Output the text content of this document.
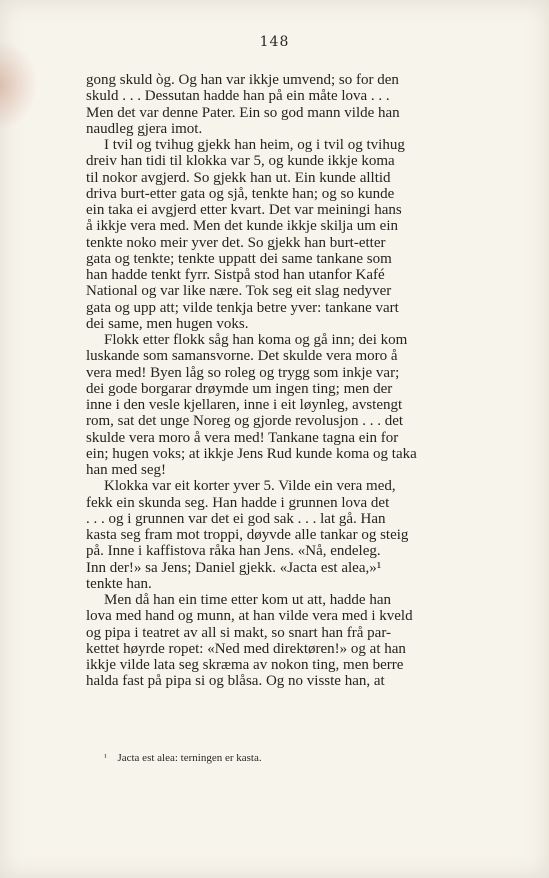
148

gong skuld òg. Og han var ikkje umvend; so for den
skuld . . . Dessutan hadde han på ein måte lova . . .
Men det var denne Pater. Ein so god mann vilde han
naudleg gjera imot.

I tvil og tvihug gjekk han heim, og i tvil og tvihug
dreiv han tidi til klokka var 5, og kunde ikkje koma
til nokor avgjerd. So gjekk han ut. Ein kunde alltid
driva burt-etter gata og sjå, tenkte han; og so kunde
ein taka ei avgjerd etter kvart. Det var meiningi hans
å ikkje vera med. Men det kunde ikkje skilja um ein
tenkte noko meir yver det. So gjekk han burt-etter
gata og tenkte; tenkte uppatt dei same tankane som
han hadde tenkt fyrr. Sistpå stod han utanfor Kafé
National og var like nære. Tok seg eit slag nedyver
gata og upp att; vilde tenkja betre yver: tankane vart
dei same, men hugen voks.

Flokk etter flokk såg han koma og gå inn; dei kom
luskande som samansvorne. Det skulde vera moro å
vera med! Byen låg so roleg og trygg som inkje var;
dei gode borgarar drøymde um ingen ting; men der
inne i den vesle kjellaren, inne i eit løynleg, avstengt
rom, sat det unge Noreg og gjorde revolusjon . . . det
skulde vera moro å vera med! Tankane tagna ein for
ein; hugen voks; at ikkje Jens Rud kunde koma og taka
han med seg!

Klokka var eit korter yver 5. Vilde ein vera med,
fekk ein skunda seg. Han hadde i grunnen lova det
. . . og i grunnen var det ei god sak . . . lat gå. Han
kasta seg fram mot troppi, døyvde alle tankar og steig
på. Inne i kaffistova råka han Jens. «Nå, endeleg.
Inn der!» sa Jens; Daniel gjekk. «Jacta est alea,»¹
tenkte han.

Men då han ein time etter kom ut att, hadde han
lova med hand og munn, at han vilde vera med i kveld
og pipa i teatret av all si makt, so snart han frå par-
kettet høyrde ropet: «Ned med direktøren!» og at han
ikkje vilde lata seg skræma av nokon ting, men berre
halda fast på pipa si og blåsa. Og no visste han, at

$^{^1}$ Jacta est alea: terningen er kasta.
